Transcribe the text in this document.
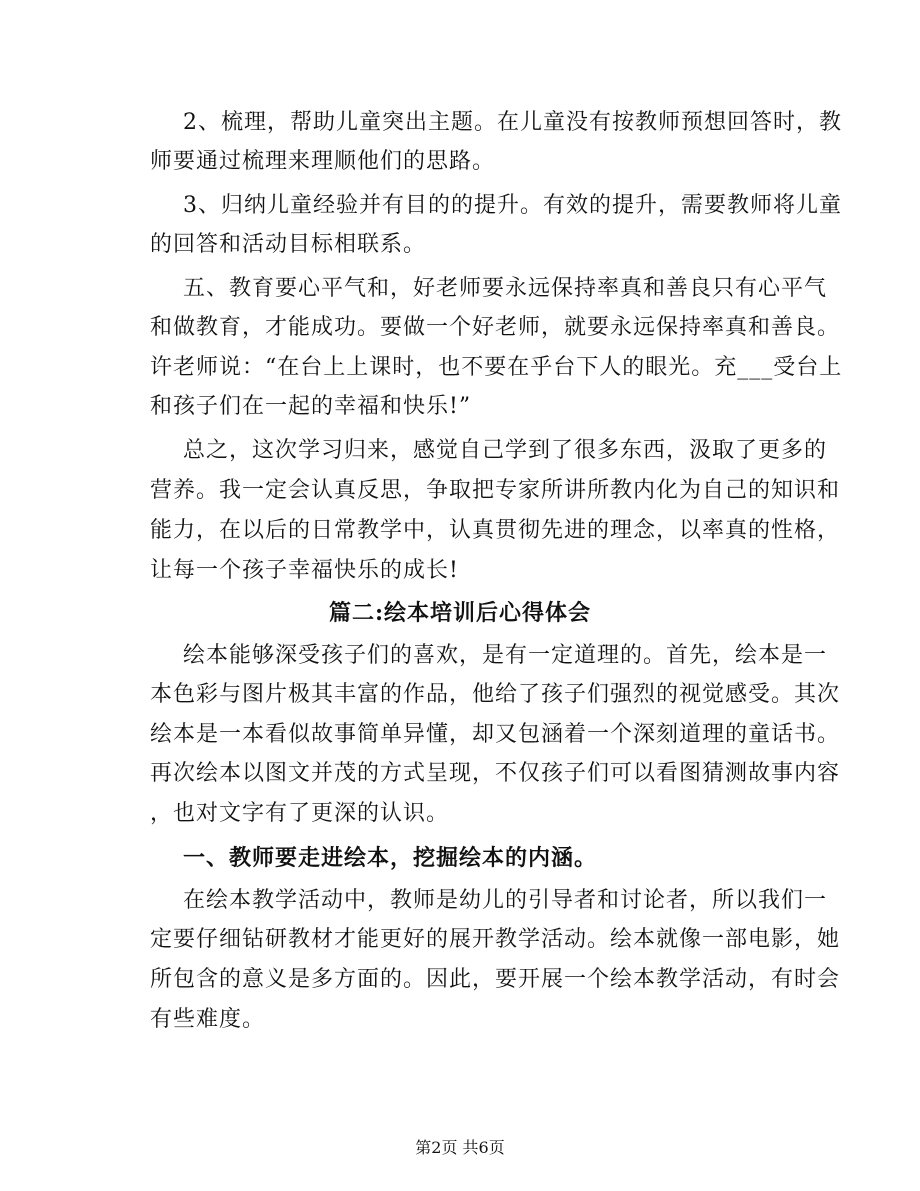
2、梳理，帮助儿童突出主题。在儿童没有按教师预想回答时，教
师要通过梳理来理顺他们的思路。
3、归纳儿童经验并有目的的提升。有效的提升，需要教师将儿童
的回答和活动目标相联系。
五、教育要心平气和，好老师要永远保持率真和善良只有心平气
和做教育，才能成功。要做一个好老师，就要永远保持率真和善良。
许老师说：“在台上上课时，也不要在乎台下人的眼光。充___受台上
和孩子们在一起的幸福和快乐!”
总之，这次学习归来，感觉自己学到了很多东西，汲取了更多的
营养。我一定会认真反思，争取把专家所讲所教内化为自己的知识和
能力，在以后的日常教学中，认真贯彻先进的理念，以率真的性格，
让每一个孩子幸福快乐的成长!
篇二:绘本培训后心得体会
绘本能够深受孩子们的喜欢，是有一定道理的。首先，绘本是一
本色彩与图片极其丰富的作品，他给了孩子们强烈的视觉感受。其次
绘本是一本看似故事简单异懂，却又包涵着一个深刻道理的童话书。
再次绘本以图文并茂的方式呈现，不仅孩子们可以看图猜测故事内容
，也对文字有了更深的认识。
一、教师要走进绘本，挖掘绘本的内涵。
在绘本教学活动中，教师是幼儿的引导者和讨论者，所以我们一
定要仔细钻研教材才能更好的展开教学活动。绘本就像一部电影，她
所包含的意义是多方面的。因此，要开展一个绘本教学活动，有时会
有些难度。
第2页 共6页
